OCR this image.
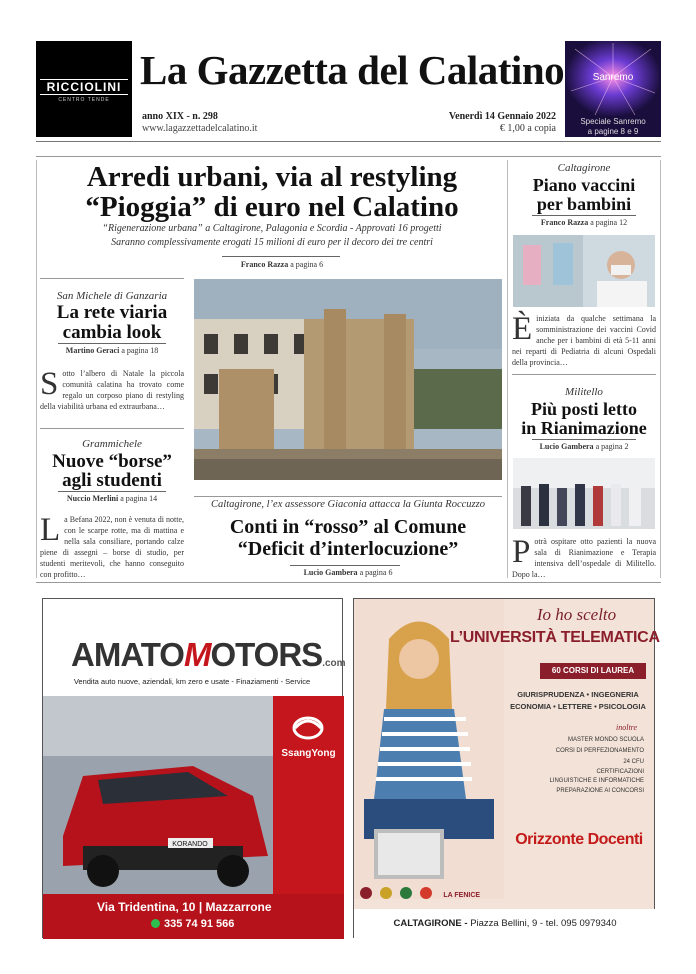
RICCIOLINI
CENTRO TENDE
La Gazzetta del Calatino
anno XIX - n. 298
www.lagazzettadelcalatino.it
Venerdì 14 Gennaio 2022
€ 1,00 a copia
Sanremo
Speciale Sanremo
a pagine 8 e 9
Arredi urbani, via al restyling
“Pioggia” di euro nel Calatino
“Rigenerazione urbana” a Caltagirone, Palagonia e Scordia - Approvati 16 progetti
Saranno complessivamente erogati 15 milioni di euro per il decoro dei tre centri
Franco Razza a pagina 6
Caltagirone, l’ex assessore Giaconia attacca la Giunta Roccuzzo
Conti in “rosso” al Comune
“Deficit d’interlocuzione”
Lucio Gambera a pagina 6
San Michele di Ganzaria
La rete viaria
cambia look
Martino Geraci a pagina 18
Sotto l’albero di Natale la piccola comunità calatina ha trovato come regalo un corposo piano di restyling della viabilità urbana ed extraurbana…
Grammichele
Nuove “borse”
agli studenti
Nuccio Merlini a pagina 14
La Befana 2022, non è venuta di notte, con le scarpe rotte, ma di mattina e nella sala consiliare, portando calze piene di assegni – borse di studio, per studenti meritevoli, che hanno conseguito con profitto…
Caltagirone
Piano vaccini
per bambini
Franco Razza a pagina 12
Èiniziata da qualche settimana la somministrazione dei vaccini Covid anche per i bambini di età 5-11 anni nei reparti di Pediatria di alcuni Ospedali della provincia…
Militello
Più posti letto
in Rianimazione
Lucio Gambera a pagina 2
Potrà ospitare otto pazienti la nuova sala di Rianimazione e Terapia intensiva dell’ospedale di Militello. Dopo la…
AMATOMOTORS.com
Vendita auto nuove, aziendali, km zero e usate - Finaziamenti - Service
KORANDO
SsangYong
Via Tridentina, 10 | Mazzarrone
335 74 91 566
Io ho scelto
L’UNIVERSITÀ TELEMATICA
60 CORSI DI LAUREA
GIURISPRUDENZA • INGEGNERIA
ECONOMIA • LETTERE • PSICOLOGIA
inoltre
MASTER MONDO SCUOLA
CORSI DI PERFEZIONAMENTO
24 CFU
CERTIFICAZIONI
LINGUISTICHE E INFORMATICHE
PREPARAZIONE AI CONCORSI
Orizzonte Docenti
LA FENICE
CALTAGIRONE - Piazza Bellini, 9 - tel. 095 0979340
